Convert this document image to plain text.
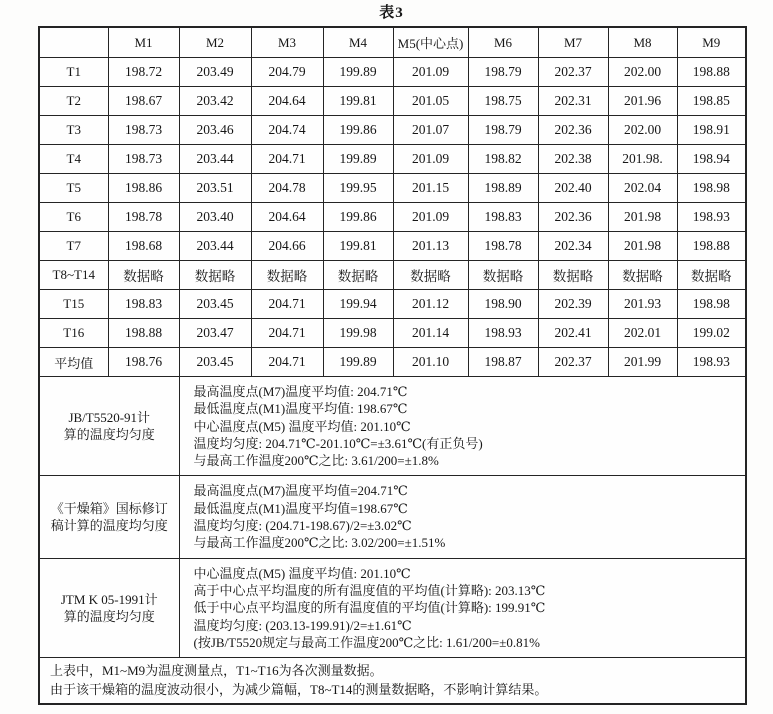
表3
	M1	M2	M3	M4	M5(中心点)	M6	M7	M8	M9
T1	198.72	203.49	204.79	199.89	201.09	198.79	202.37	202.00	198.88
T2	198.67	203.42	204.64	199.81	201.05	198.75	202.31	201.96	198.85
T3	198.73	203.46	204.74	199.86	201.07	198.79	202.36	202.00	198.91
T4	198.73	203.44	204.71	199.89	201.09	198.82	202.38	201.98.	198.94
T5	198.86	203.51	204.78	199.95	201.15	198.89	202.40	202.04	198.98
T6	198.78	203.40	204.64	199.86	201.09	198.83	202.36	201.98	198.93
T7	198.68	203.44	204.66	199.81	201.13	198.78	202.34	201.98	198.88
T8~T14	数据略	数据略	数据略	数据略	数据略	数据略	数据略	数据略	数据略
T15	198.83	203.45	204.71	199.94	201.12	198.90	202.39	201.93	198.98
T16	198.88	203.47	204.71	199.98	201.14	198.93	202.41	202.01	199.02
平均值	198.76	203.45	204.71	199.89	201.10	198.87	202.37	201.99	198.93

JB/T5520-91计
算的温度均匀度

最高温度点(M7)温度平均值: 204.71℃
最低温度点(M1)温度平均值: 198.67℃
中心温度点(M5) 温度平均值: 201.10℃
温度均匀度: 204.71℃-201.10℃=±3.61℃(有正负号)
与最高工作温度200℃之比: 3.61/200=±1.8%

《干燥箱》国标修订
稿计算的温度均匀度

最高温度点(M7)温度平均值=204.71℃
最低温度点(M1)温度平均值=198.67℃
温度均匀度: (204.71-198.67)/2=±3.02℃
与最高工作温度200℃之比: 3.02/200=±1.51%

JTM K 05-1991计
算的温度均匀度

中心温度点(M5) 温度平均值: 201.10℃
高于中心点平均温度的所有温度值的平均值(计算略): 203.13℃
低于中心点平均温度的所有温度值的平均值(计算略): 199.91℃
温度均匀度: (203.13-199.91)/2=±1.61℃
(按JB/T5520规定与最高工作温度200℃之比: 1.61/200=±0.81%

上表中，M1~M9为温度测量点，T1~T16为各次测量数据。
由于该干燥箱的温度波动很小，为减少篇幅，T8~T14的测量数据略，不影响计算结果。									
